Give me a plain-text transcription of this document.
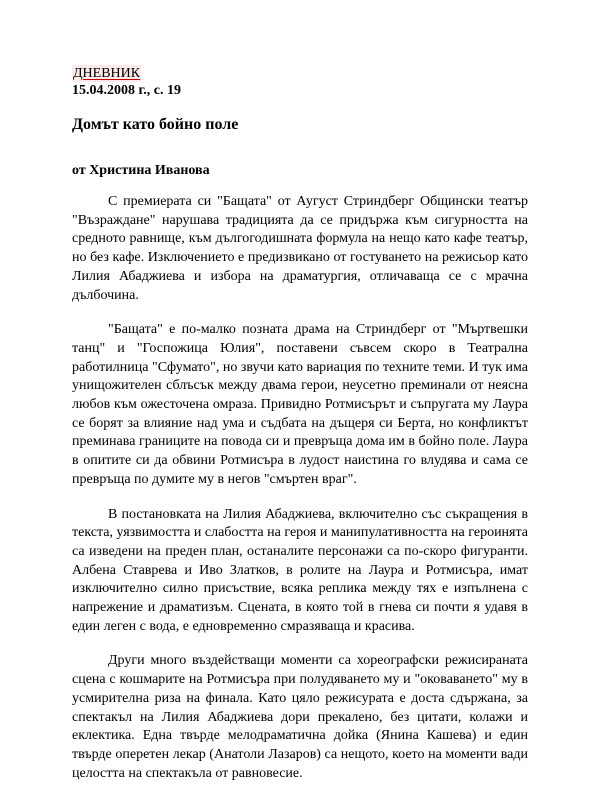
ДНЕВНИК
15.04.2008 г., с. 19
Домът като бойно поле
от Христина Иванова

С премиерата си "Бащата" от Аугуст Стриндберг Общински театър "Възраждане" нарушава традицията да се придържа към сигурността на средното равнище, към дългогодишната формула на нещо като кафе театър, но без кафе. Изключението е предизвикано от гостуването на режисьор като Лилия Абаджиева и избора на драматургия, отличаваща се с мрачна дълбочина.

"Бащата" е по-малко позната драма на Стриндберг от "Мъртвешки танц" и "Госпожица Юлия", поставени съвсем скоро в Театрална работилница "Сфумато", но звучи като вариация по техните теми. И тук има унищожителен сблъсък между двама герои, неусетно преминали от неясна любов към ожесточена омраза. Привидно Ротмисърът и съпругата му Лаура се борят за влияние над ума и съдбата на дъщеря си Берта, но конфликтът преминава границите на повода си и превръща дома им в бойно поле. Лаура в опитите си да обвини Ротмисъра в лудост наистина го влудява и сама се превръща по думите му в негов "смъртен враг".

В постановката на Лилия Абаджиева, включително със съкращения в текста, уязвимостта и слабостта на героя и манипулативността на героинята са изведени на преден план, останалите персонажи са по-скоро фигуранти. Албена Ставрева и Иво Златков, в ролите на Лаура и Ротмисъра, имат изключително силно присъствие, всяка реплика между тях е изпълнена с напрежение и драматизъм. Сцената, в която той в гнева си почти я удавя в един леген с вода, е едновременно смразяваща и красива.

Други много въздействащи моменти са хореографски режисираната сцена с кошмарите на Ротмисъра при полудяването му и "оковаването" му в усмирителна риза на финала. Като цяло режисурата е доста сдържана, за спектакъл на Лилия Абаджиева дори прекалено, без цитати, колажи и еклектика. Една твърде мелодраматична дойка (Янина Кашева) и един твърде оперетен лекар (Анатоли Лазаров) са нещото, което на моменти вади целостта на спектакъла от равновесие.
